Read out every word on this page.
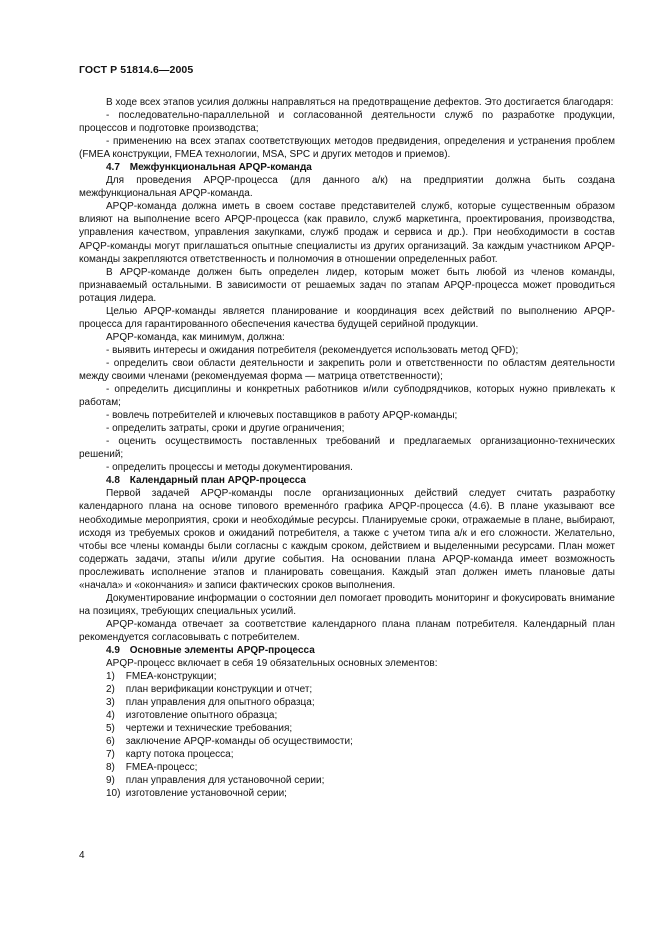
ГОСТ Р 51814.6—2005

В ходе всех этапов усилия должны направляться на предотвращение дефектов. Это достигается благодаря:

- последовательно-параллельной и согласованной деятельности служб по разработке продукции, процессов и подготовке производства;

- применению на всех этапах соответствующих методов предвидения, определения и устранения проблем (FMEA конструкции, FMEA технологии, MSA, SPC и других методов и приемов).

4.7 Межфункциональная APQP-команда

Для проведения APQP-процесса (для данного а/к) на предприятии должна быть создана межфункциональная APQP-команда.

APQP-команда должна иметь в своем составе представителей служб, которые существенным образом влияют на выполнение всего APQP-процесса (как правило, служб маркетинга, проектирования, производства, управления качеством, управления закупками, служб продаж и сервиса и др.). При необходимости в состав APQP-команды могут приглашаться опытные специалисты из других организаций. За каждым участником APQP-команды закрепляются ответственность и полномочия в отношении определенных работ.

В APQP-команде должен быть определен лидер, которым может быть любой из членов команды, признаваемый остальными. В зависимости от решаемых задач по этапам APQP-процесса может проводиться ротация лидера.

Целью APQP-команды является планирование и координация всех действий по выполнению APQP-процесса для гарантированного обеспечения качества будущей серийной продукции.

APQP-команда, как минимум, должна:

- выявить интересы и ожидания потребителя (рекомендуется использовать метод QFD);

- определить свои области деятельности и закрепить роли и ответственности по областям деятельности между своими членами (рекомендуемая форма — матрица ответственности);

- определить дисциплины и конкретных работников и/или субподрядчиков, которых нужно привлекать к работам;

- вовлечь потребителей и ключевых поставщиков в работу APQP-команды;

- определить затраты, сроки и другие ограничения;

- оценить осуществимость поставленных требований и предлагаемых организационно-технических решений;

- определить процессы и методы документирования.

4.8 Календарный план APQP-процесса

Первой задачей APQP-команды после организационных действий следует считать разработку календарного плана на основе типового временно́го графика APQP-процесса (4.6). В плане указывают все необходимые мероприятия, сроки и необходи́мые ресурсы. Планируемые сроки, отражаемые в плане, выбирают, исходя из требуемых сроков и ожиданий потребителя, а также с учетом типа а/к и его сложности. Желательно, чтобы все члены команды были согласны с каждым сроком, действием и выделенными ресурсами. План может содержать задачи, этапы и/или другие события. На основании плана APQP-команда имеет возможность прослеживать исполнение этапов и планировать совещания. Каждый этап должен иметь плановые даты «начала» и «окончания» и записи фактических сроков выполнения.

Документирование информации о состоянии дел помогает проводить мониторинг и фокусировать внимание на позициях, требующих специальных усилий.

APQP-команда отвечает за соответствие календарного плана планам потребителя. Календарный план рекомендуется согласовывать с потребителем.

4.9 Основные элементы APQP-процесса

APQP-процесс включает в себя 19 обязательных основных элементов:

1) FMEA-конструкции;

2) план верификации конструкции и отчет;

3) план управления для опытного образца;

4) изготовление опытного образца;

5) чертежи и технические требования;

6) заключение APQP-команды об осуществимости;

7) карту потока процесса;

8) FMEA-процесс;

9) план управления для установочной серии;

10) изготовление установочной серии;

4
